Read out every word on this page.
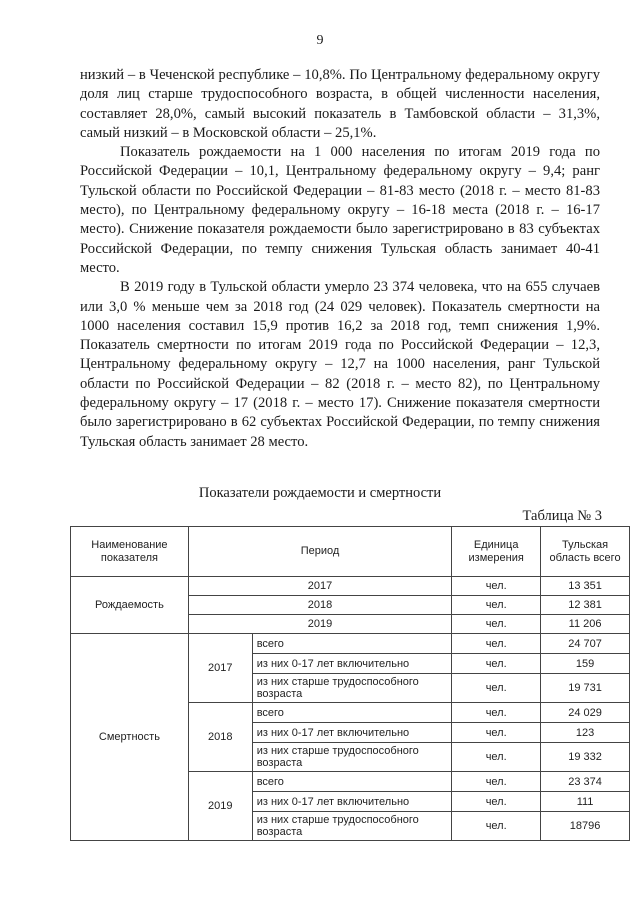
9

низкий – в Чеченской республике – 10,8%. По Центральному федеральному округу доля лиц старше трудоспособного возраста, в общей численности населения, составляет 28,0%, самый высокий показатель в Тамбовской области – 31,3%, самый низкий – в Московской области – 25,1%.

Показатель рождаемости на 1 000 населения по итогам 2019 года по Российской Федерации – 10,1, Центральному федеральному округу – 9,4; ранг Тульской области по Российской Федерации – 81-83 место (2018 г. – место 81-83 место), по Центральному федеральному округу – 16-18 места (2018 г. – 16-17 место). Снижение показателя рождаемости было зарегистрировано в 83 субъектах Российской Федерации, по темпу снижения Тульская область занимает 40-41 место.

В 2019 году в Тульской области умерло 23 374 человека, что на 655 случаев или 3,0 % меньше чем за 2018 год (24 029 человек). Показатель смертности на 1000 населения составил 15,9 против 16,2 за 2018 год, темп снижения 1,9%. Показатель смертности по итогам 2019 года по Российской Федерации – 12,3, Центральному федеральному округу – 12,7 на 1000 населения, ранг Тульской области по Российской Федерации – 82 (2018 г. – место 82), по Центральному федеральному округу – 17 (2018 г. – место 17). Снижение показателя смертности было зарегистрировано в 62 субъектах Российской Федерации, по темпу снижения Тульская область занимает 28 место.

Показатели рождаемости и смертности
Таблица № 3
Наименование показателя	Период		Единица измерения	Тульская область всего
Рождаемость	2017		чел.	13 351
	2018		чел.	12 381
	2019		чел.	11 206
Смертность	2017	всего	чел.	24 707
		из них 0-17 лет включительно	чел.	159
		из них старше трудоспособного возраста	чел.	19 731
	2018	всего	чел.	24 029
		из них 0-17 лет включительно	чел.	123
		из них старше трудоспособного возраста	чел.	19 332
	2019	всего	чел.	23 374
		из них 0-17 лет включительно	чел.	111
		из них старше трудоспособного возраста	чел.	18796
